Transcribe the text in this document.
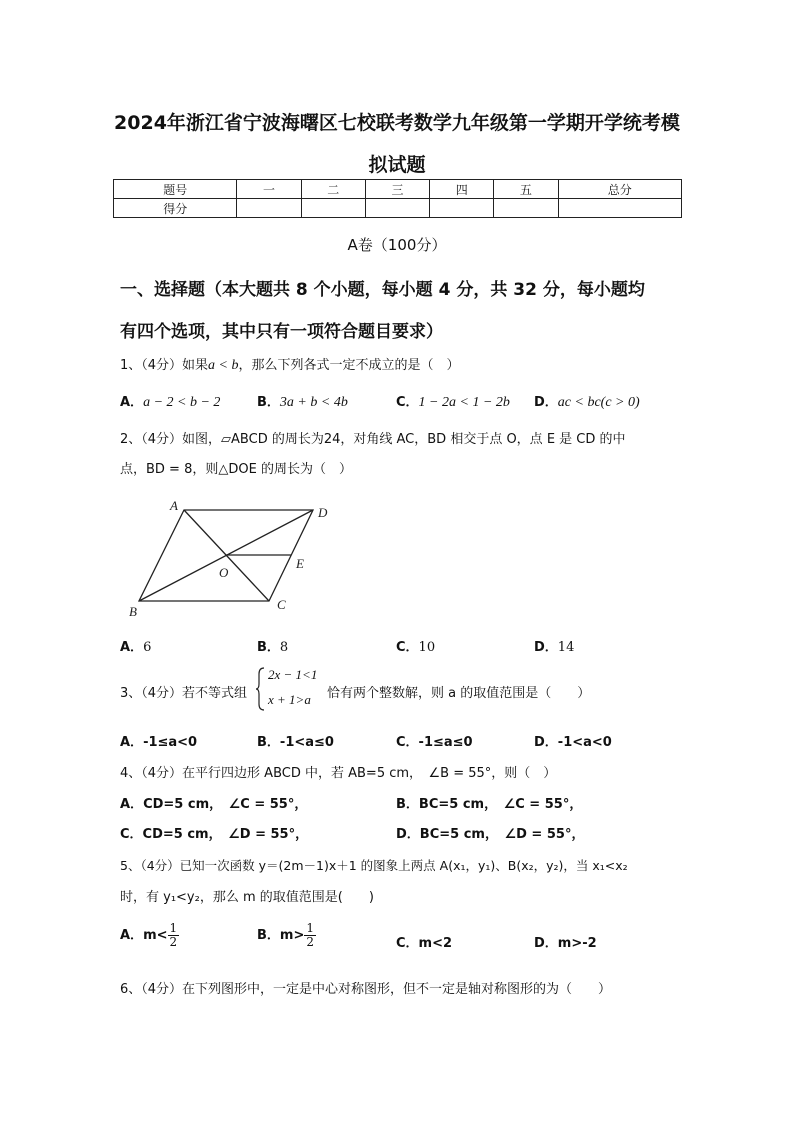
2024年浙江省宁波海曙区七校联考数学九年级第一学期开学统考模
拟试题
题号	一	二	三	四	五	总分
得分						
A卷（100分）
一、选择题（本大题共 8 个小题，每小题 4 分，共 32 分，每小题均
有四个选项，其中只有一项符合题目要求）
1、（4分）如果a < b，那么下列各式一定不成立的是（　）
A．a − 2 < b − 2	B．3a + b < 4b	C．1 − 2a < 1 − 2b D．ac < bc(c > 0)
2、（4分）如图，▱ABCD 的周长为24，对角线 AC，BD 相交于点 O，点 E 是 CD 的中
点，BD = 8，则△DOE 的周长为（　）
A	D
B	C
O
E
A．6	B．8	C．10	D．14
3、（4分）若不等式组
2x − 1<1
x + 1>a 恰有两个整数解，则 a 的取值范围是（　　）
A．-1≤a<0	B．-1<a≤0	C．-1≤a≤0	D．-1<a<0
4、（4分）在平行四边形 ABCD 中，若 AB=5 cm，　∠B = 55°，则（　）
A．CD=5 cm，　∠C = 55°，	B．BC=5 cm，　∠C = 55°，
C．CD=5 cm，　∠D = 55°，	D．BC=5 cm，　∠D = 55°，
5、（4分）已知一次函数 y＝(2m－1)x＋1 的图象上两点 A(x₁，y₁)、B(x₂，y₂)，当 x₁<x₂
时，有 y₁<y₂，那么 m 的取值范围是(　　)
A．$m< \frac{1}{2}$	B．$m> \frac{1}{2}$	C．m<2	D．m>-2
6、（4分）在下列图形中，一定是中心对称图形，但不一定是轴对称图形的为（　　）
